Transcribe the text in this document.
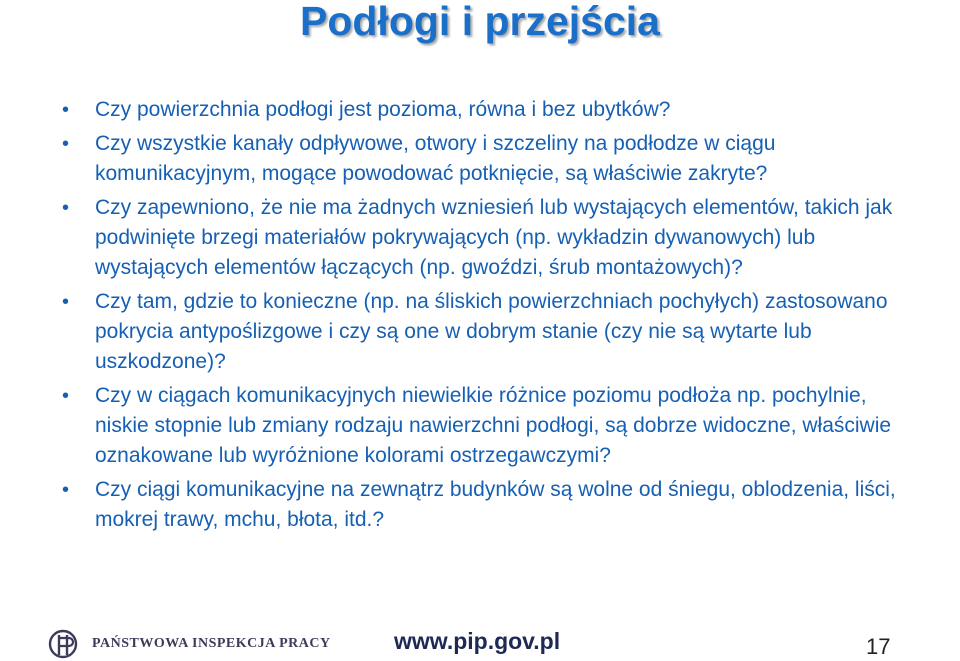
Podłogi i przejścia
• Czy powierzchnia podłogi jest pozioma, równa i bez ubytków?
• Czy wszystkie kanały odpływowe, otwory i szczeliny na podłodze w ciągu komunikacyjnym, mogące powodować potknięcie, są właściwie zakryte?
• Czy zapewniono, że nie ma żadnych wzniesień lub wystających elementów, takich jak podwinięte brzegi materiałów pokrywających (np. wykładzin dywanowych) lub wystających elementów łączących (np. gwoździ, śrub montażowych)?
• Czy tam, gdzie to konieczne (np. na śliskich powierzchniach pochyłych) zastosowano pokrycia antypoślizgowe i czy są one w dobrym stanie (czy nie są wytarte lub uszkodzone)?
• Czy w ciągach komunikacyjnych niewielkie różnice poziomu podłoża np. pochylnie, niskie stopnie lub zmiany rodzaju nawierzchni podłogi, są dobrze widoczne, właściwie oznakowane lub wyróżnione kolorami ostrzegawczymi?
• Czy ciągi komunikacyjne na zewnątrz budynków są wolne od śniegu, oblodzenia, liści, mokrej trawy, mchu, błota, itd.?
PAŃSTWOWA INSPEKCJA PRACY	www.pip.gov.pl	17
